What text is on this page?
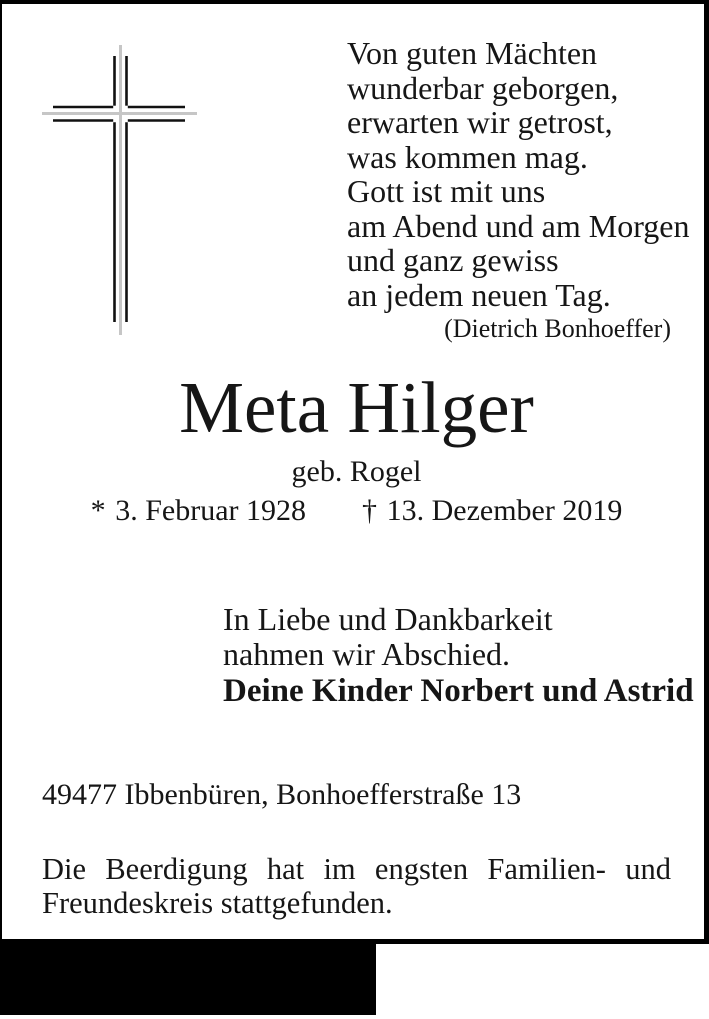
Von guten Mächten
wunderbar geborgen,
erwarten wir getrost,
was kommen mag.
Gott ist mit uns
am Abend und am Morgen
und ganz gewiss
an jedem neuen Tag.
(Dietrich Bonhoeffer)
Meta Hilger
geb. Rogel
* 3. Februar 1928 † 13. Dezember 2019
In Liebe und Dankbarkeit
nahmen wir Abschied.
Deine Kinder Norbert und Astrid
49477 Ibbenbüren, Bonhoefferstraße 13
Die Beerdigung hat im engsten Familien- und
Freundeskreis stattgefunden.
